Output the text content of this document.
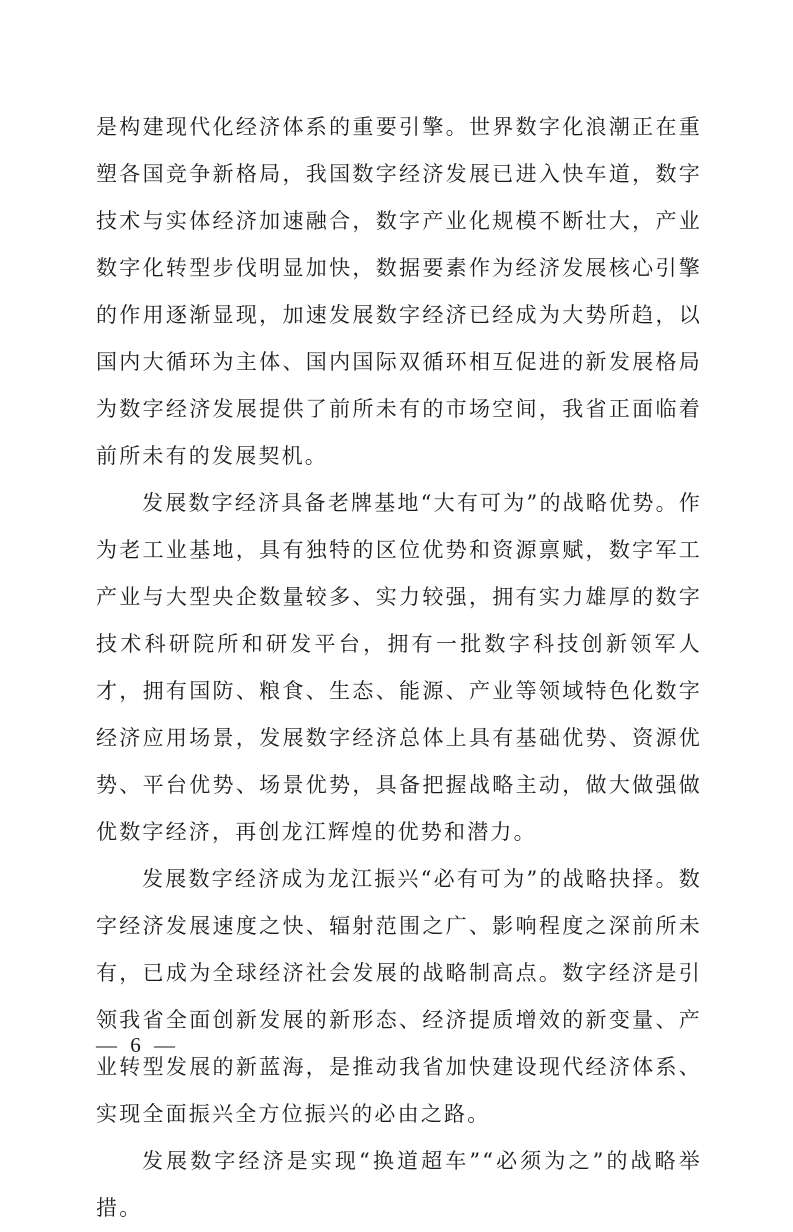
是构建现代化经济体系的重要引擎。世界数字化浪潮正在重塑各国竞争新格局，我国数字经济发展已进入快车道，数字技术与实体经济加速融合，数字产业化规模不断壮大，产业数字化转型步伐明显加快，数据要素作为经济发展核心引擎的作用逐渐显现，加速发展数字经济已经成为大势所趋，以国内大循环为主体、国内国际双循环相互促进的新发展格局为数字经济发展提供了前所未有的市场空间，我省正面临着前所未有的发展契机。

发展数字经济具备老牌基地“大有可为”的战略优势。作为老工业基地，具有独特的区位优势和资源禀赋，数字军工产业与大型央企数量较多、实力较强，拥有实力雄厚的数字技术科研院所和研发平台，拥有一批数字科技创新领军人才，拥有国防、粮食、生态、能源、产业等领域特色化数字经济应用场景，发展数字经济总体上具有基础优势、资源优势、平台优势、场景优势，具备把握战略主动，做大做强做优数字经济，再创龙江辉煌的优势和潜力。

发展数字经济成为龙江振兴“必有可为”的战略抉择。数字经济发展速度之快、辐射范围之广、影响程度之深前所未有，已成为全球经济社会发展的战略制高点。数字经济是引领我省全面创新发展的新形态、经济提质增效的新变量、产业转型发展的新蓝海，是推动我省加快建设现代经济体系、实现全面振兴全方位振兴的必由之路。

发展数字经济是实现“换道超车”“必须为之”的战略举措。

— 6 —
